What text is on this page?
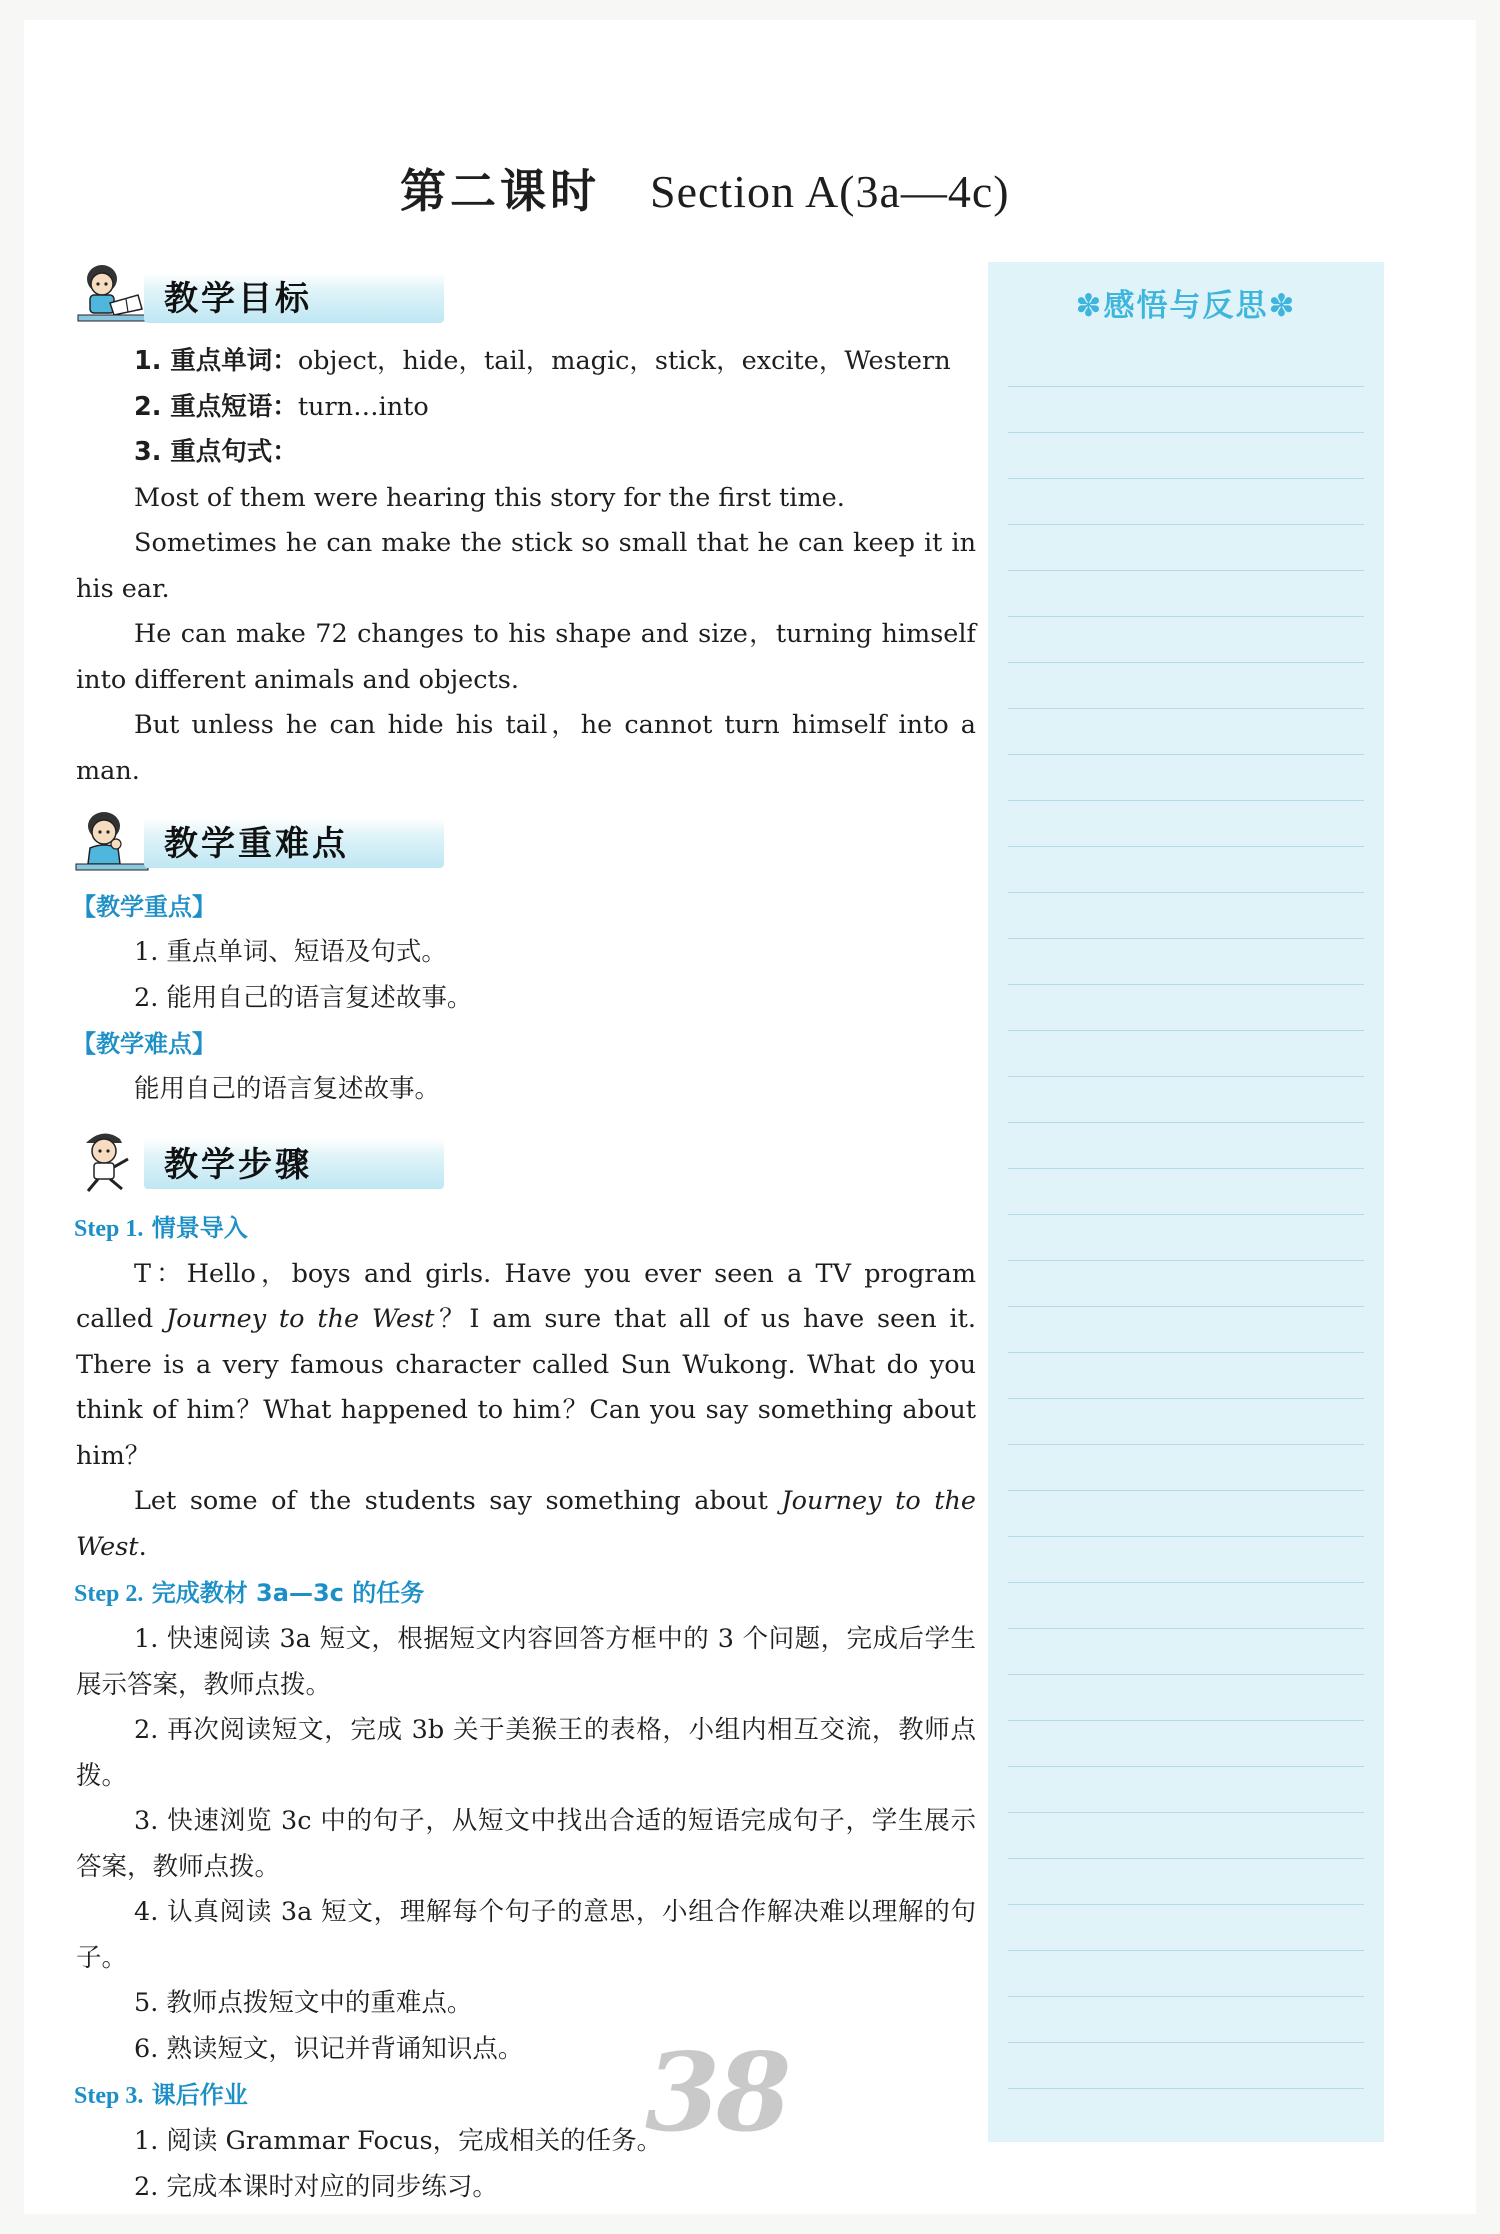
第二课时 Section A(3a—4c)
教学目标

1. 重点单词：object，hide，tail，magic，stick，excite，Western

2. 重点短语：turn…into

3. 重点句式：

Most of them were hearing this story for the first time.

Sometimes he can make the stick so small that he can keep it in his ear.

He can make 72 changes to his shape and size，turning himself into different animals and objects.

But unless he can hide his tail，he cannot turn himself into a man.

教学重难点

【教学重点】

1. 重点单词、短语及句式。

2. 能用自己的语言复述故事。

【教学难点】

能用自己的语言复述故事。

教学步骤

Step 1. 情景导入

T：Hello，boys and girls. Have you ever seen a TV program called Journey to the West？I am sure that all of us have seen it. There is a very famous character called Sun Wukong. What do you think of him？What happened to him？Can you say something about him？

Let some of the students say something about Journey to the West.

Step 2. 完成教材 3a—3c 的任务

1. 快速阅读 3a 短文，根据短文内容回答方框中的 3 个问题，完成后学生展示答案，教师点拨。

2. 再次阅读短文，完成 3b 关于美猴王的表格，小组内相互交流，教师点拨。

3. 快速浏览 3c 中的句子，从短文中找出合适的短语完成句子，学生展示答案，教师点拨。

4. 认真阅读 3a 短文，理解每个句子的意思，小组合作解决难以理解的句子。

5. 教师点拨短文中的重难点。

6. 熟读短文，识记并背诵知识点。

Step 3. 课后作业

1. 阅读 Grammar Focus，完成相关的任务。

2. 完成本课时对应的同步练习。

✽感悟与反思✽
38
